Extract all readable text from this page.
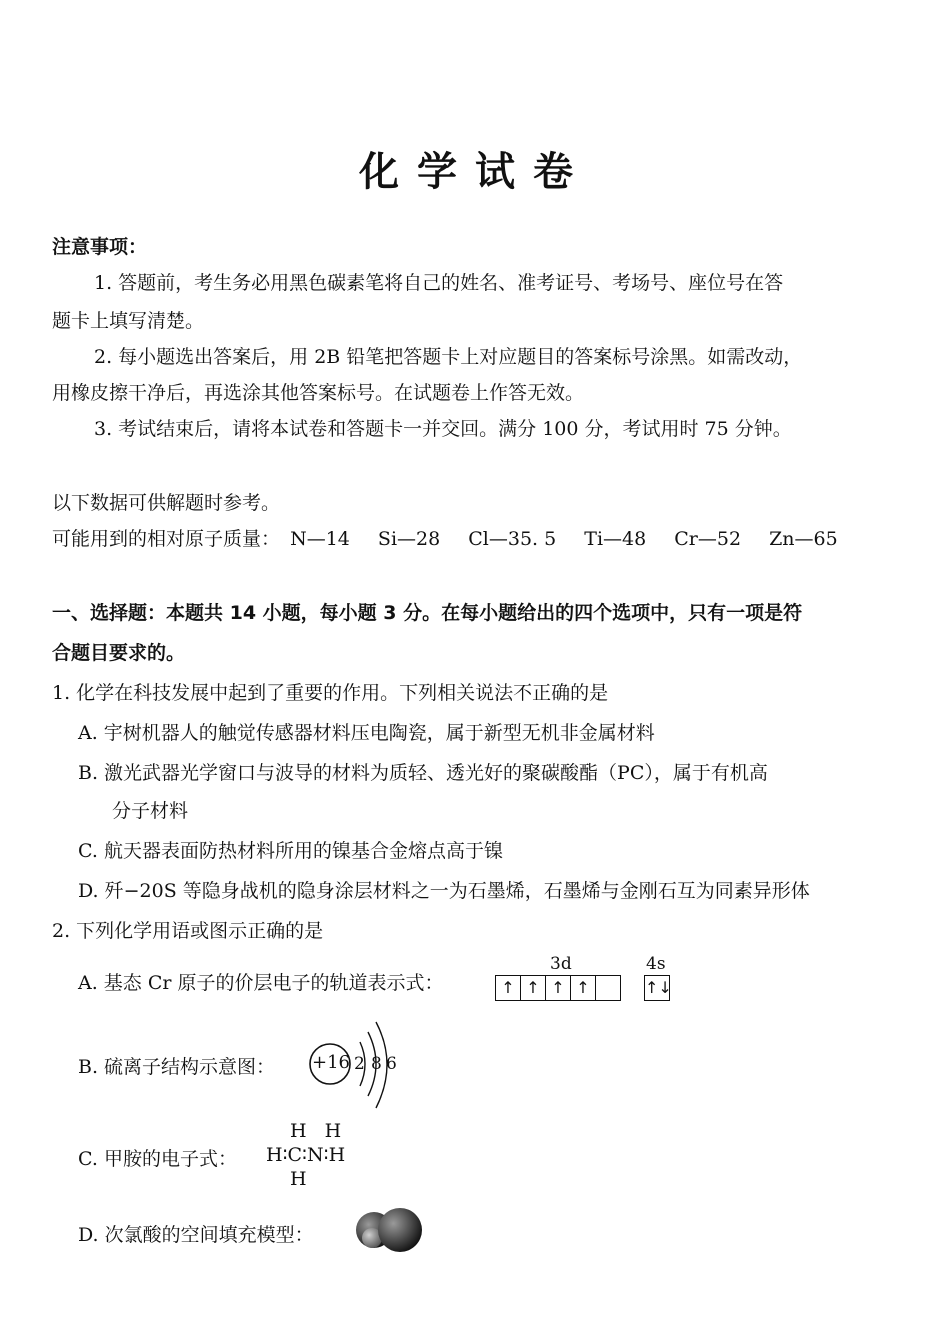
化学试卷
注意事项：
1. 答题前，考生务必用黑色碳素笔将自己的姓名、准考证号、考场号、座位号在答
题卡上填写清楚。
2. 每小题选出答案后，用 2B 铅笔把答题卡上对应题目的答案标号涂黑。如需改动，
用橡皮擦干净后，再选涂其他答案标号。在试题卷上作答无效。
3. 考试结束后，请将本试卷和答题卡一并交回。满分 100 分，考试用时 75 分钟。
以下数据可供解题时参考。
可能用到的相对原子质量： N—14 Si—28 Cl—35. 5 Ti—48 Cr—52 Zn—65
一、选择题：本题共 14 小题，每小题 3 分。在每小题给出的四个选项中，只有一项是符
合题目要求的。
1. 化学在科技发展中起到了重要的作用。下列相关说法不正确的是
A. 宇树机器人的触觉传感器材料压电陶瓷，属于新型无机非金属材料
B. 激光武器光学窗口与波导的材料为质轻、透光好的聚碳酸酯（PC），属于有机高
分子材料
C. 航天器表面防热材料所用的镍基合金熔点高于镍
D. 歼−20S 等隐身战机的隐身涂层材料之一为石墨烯，石墨烯与金刚石互为同素异形体
2. 下列化学用语或图示正确的是
A. 基态 Cr 原子的价层电子的轨道表示式：
3d	4s
↑ ↑ ↑ ↑	↑↓
B. 硫离子结构示意图： +16 2 8 6
C. 甲胺的电子式：
H H
H∶C∶N∶H
H
D. 次氯酸的空间填充模型：
